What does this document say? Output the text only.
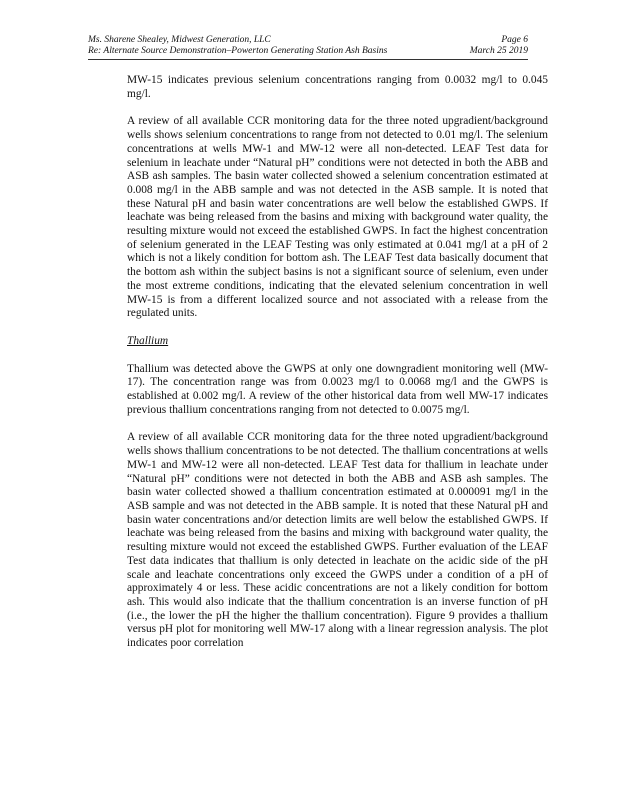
Ms. Sharene Shealey, Midwest Generation, LLC	Page 6
Re: Alternate Source Demonstration–Powerton Generating Station Ash Basins	March 25 2019

MW-15 indicates previous selenium concentrations ranging from 0.0032 mg/l to 0.045 mg/l.

A review of all available CCR monitoring data for the three noted upgradient/background wells shows selenium concentrations to range from not detected to 0.01 mg/l. The selenium concentrations at wells MW-1 and MW-12 were all non-detected. LEAF Test data for selenium in leachate under “Natural pH” conditions were not detected in both the ABB and ASB ash samples. The basin water collected showed a selenium concentration estimated at 0.008 mg/l in the ABB sample and was not detected in the ASB sample. It is noted that these Natural pH and basin water concentrations are well below the established GWPS. If leachate was being released from the basins and mixing with background water quality, the resulting mixture would not exceed the established GWPS. In fact the highest concentration of selenium generated in the LEAF Testing was only estimated at 0.041 mg/l at a pH of 2 which is not a likely condition for bottom ash. The LEAF Test data basically document that the bottom ash within the subject basins is not a significant source of selenium, even under the most extreme conditions, indicating that the elevated selenium concentration in well MW-15 is from a different localized source and not associated with a release from the regulated units.

Thallium

Thallium was detected above the GWPS at only one downgradient monitoring well (MW-17). The concentration range was from 0.0023 mg/l to 0.0068 mg/l and the GWPS is established at 0.002 mg/l. A review of the other historical data from well MW-17 indicates previous thallium concentrations ranging from not detected to 0.0075 mg/l.

A review of all available CCR monitoring data for the three noted upgradient/background wells shows thallium concentrations to be not detected. The thallium concentrations at wells MW-1 and MW-12 were all non-detected. LEAF Test data for thallium in leachate under “Natural pH” conditions were not detected in both the ABB and ASB ash samples. The basin water collected showed a thallium concentration estimated at 0.000091 mg/l in the ASB sample and was not detected in the ABB sample. It is noted that these Natural pH and basin water concentrations and/or detection limits are well below the established GWPS. If leachate was being released from the basins and mixing with background water quality, the resulting mixture would not exceed the established GWPS. Further evaluation of the LEAF Test data indicates that thallium is only detected in leachate on the acidic side of the pH scale and leachate concentrations only exceed the GWPS under a condition of a pH of approximately 4 or less. These acidic concentrations are not a likely condition for bottom ash. This would also indicate that the thallium concentration is an inverse function of pH (i.e., the lower the pH the higher the thallium concentration). Figure 9 provides a thallium versus pH plot for monitoring well MW-17 along with a linear regression analysis. The plot indicates poor correlation
